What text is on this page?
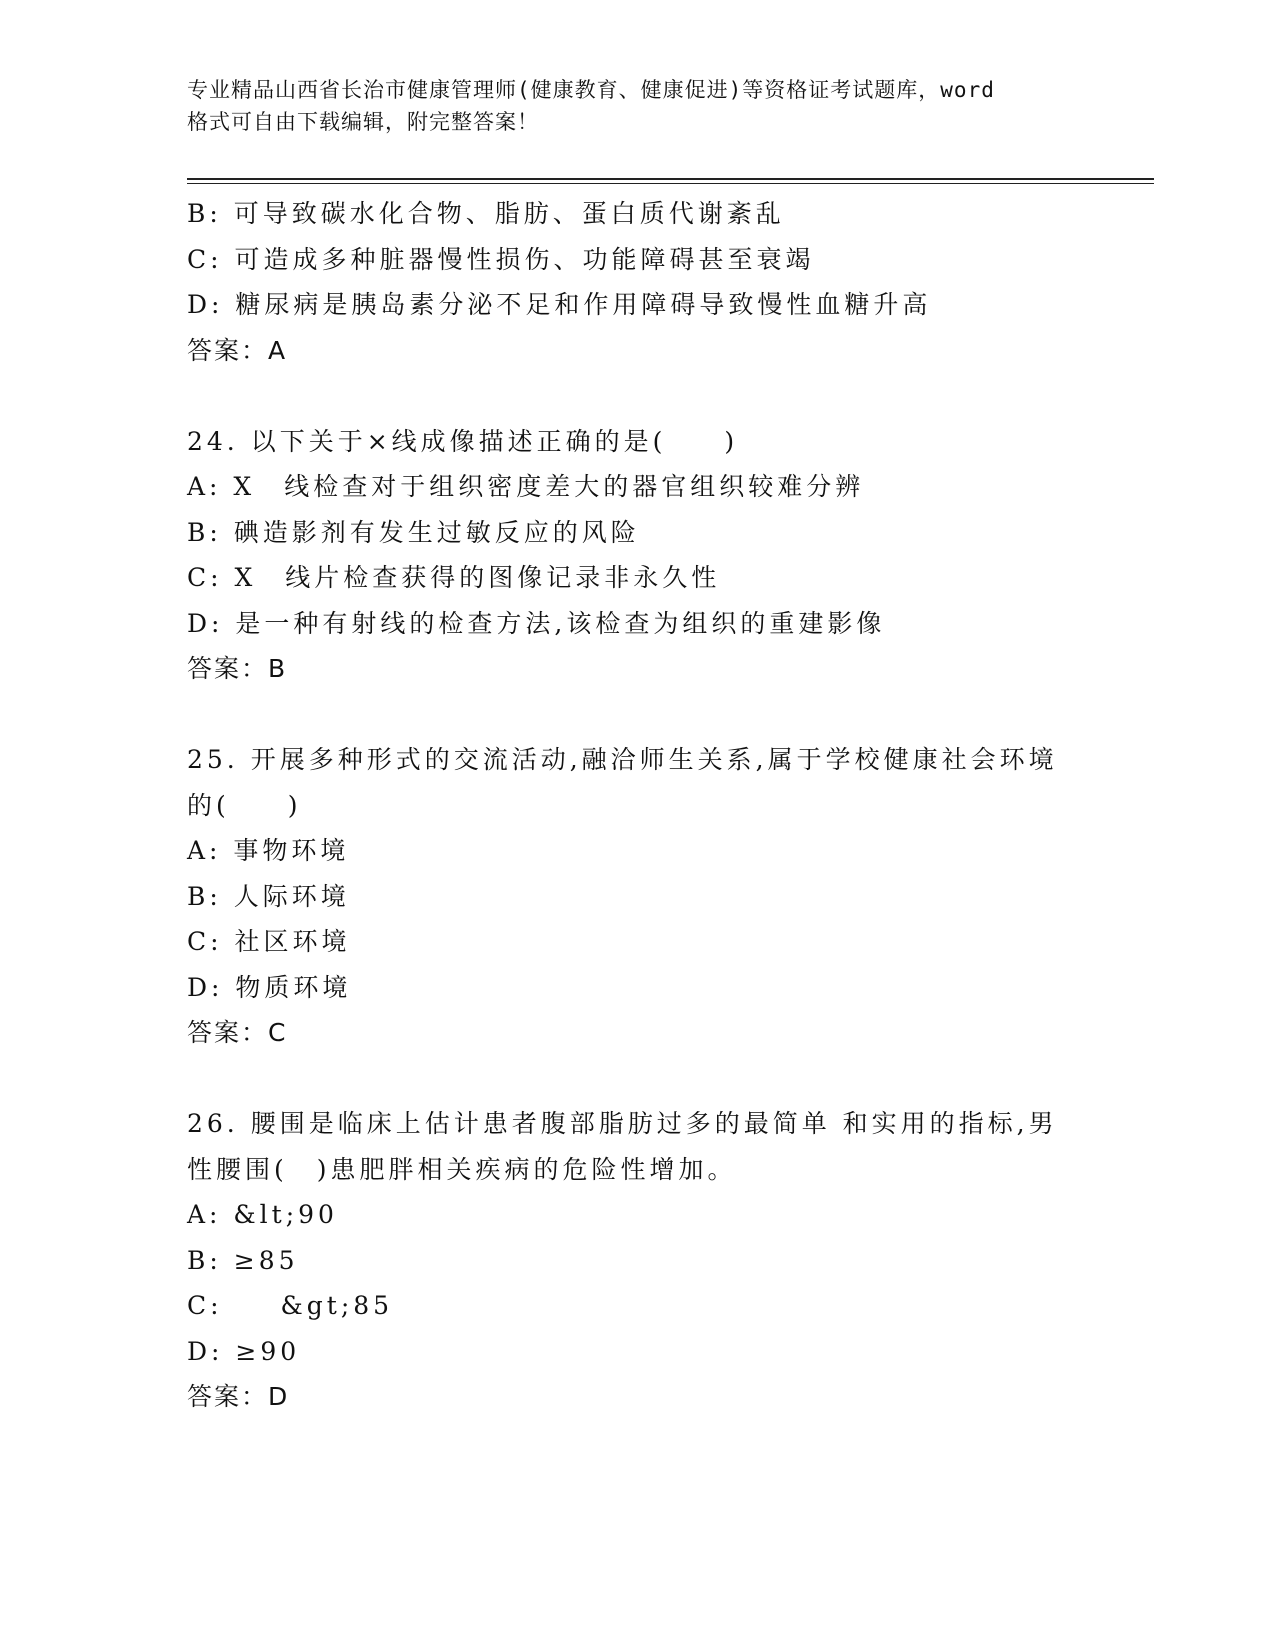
专业精品山西省长治市健康管理师(健康教育、健康促进)等资格证考试题库，word
格式可自由下载编辑，附完整答案！
B: 可导致碳水化合物、脂肪、蛋白质代谢紊乱
C: 可造成多种脏器慢性损伤、功能障碍甚至衰竭
D: 糖尿病是胰岛素分泌不足和作用障碍导致慢性血糖升高
答案：A
24. 以下关于×线成像描述正确的是(　　)
A: X　线检查对于组织密度差大的器官组织较难分辨
B: 碘造影剂有发生过敏反应的风险
C: X　线片检查获得的图像记录非永久性
D: 是一种有射线的检查方法,该检查为组织的重建影像
答案：B
25. 开展多种形式的交流活动,融洽师生关系,属于学校健康社会环境
的(　　)
A: 事物环境
B: 人际环境
C: 社区环境
D: 物质环境
答案：C
26. 腰围是临床上估计患者腹部脂肪过多的最简单 和实用的指标,男
性腰围(　)患肥胖相关疾病的危险性增加。
A: &lt;90
B: ≥85
C:　　&gt;85
D: ≥90
答案：D
